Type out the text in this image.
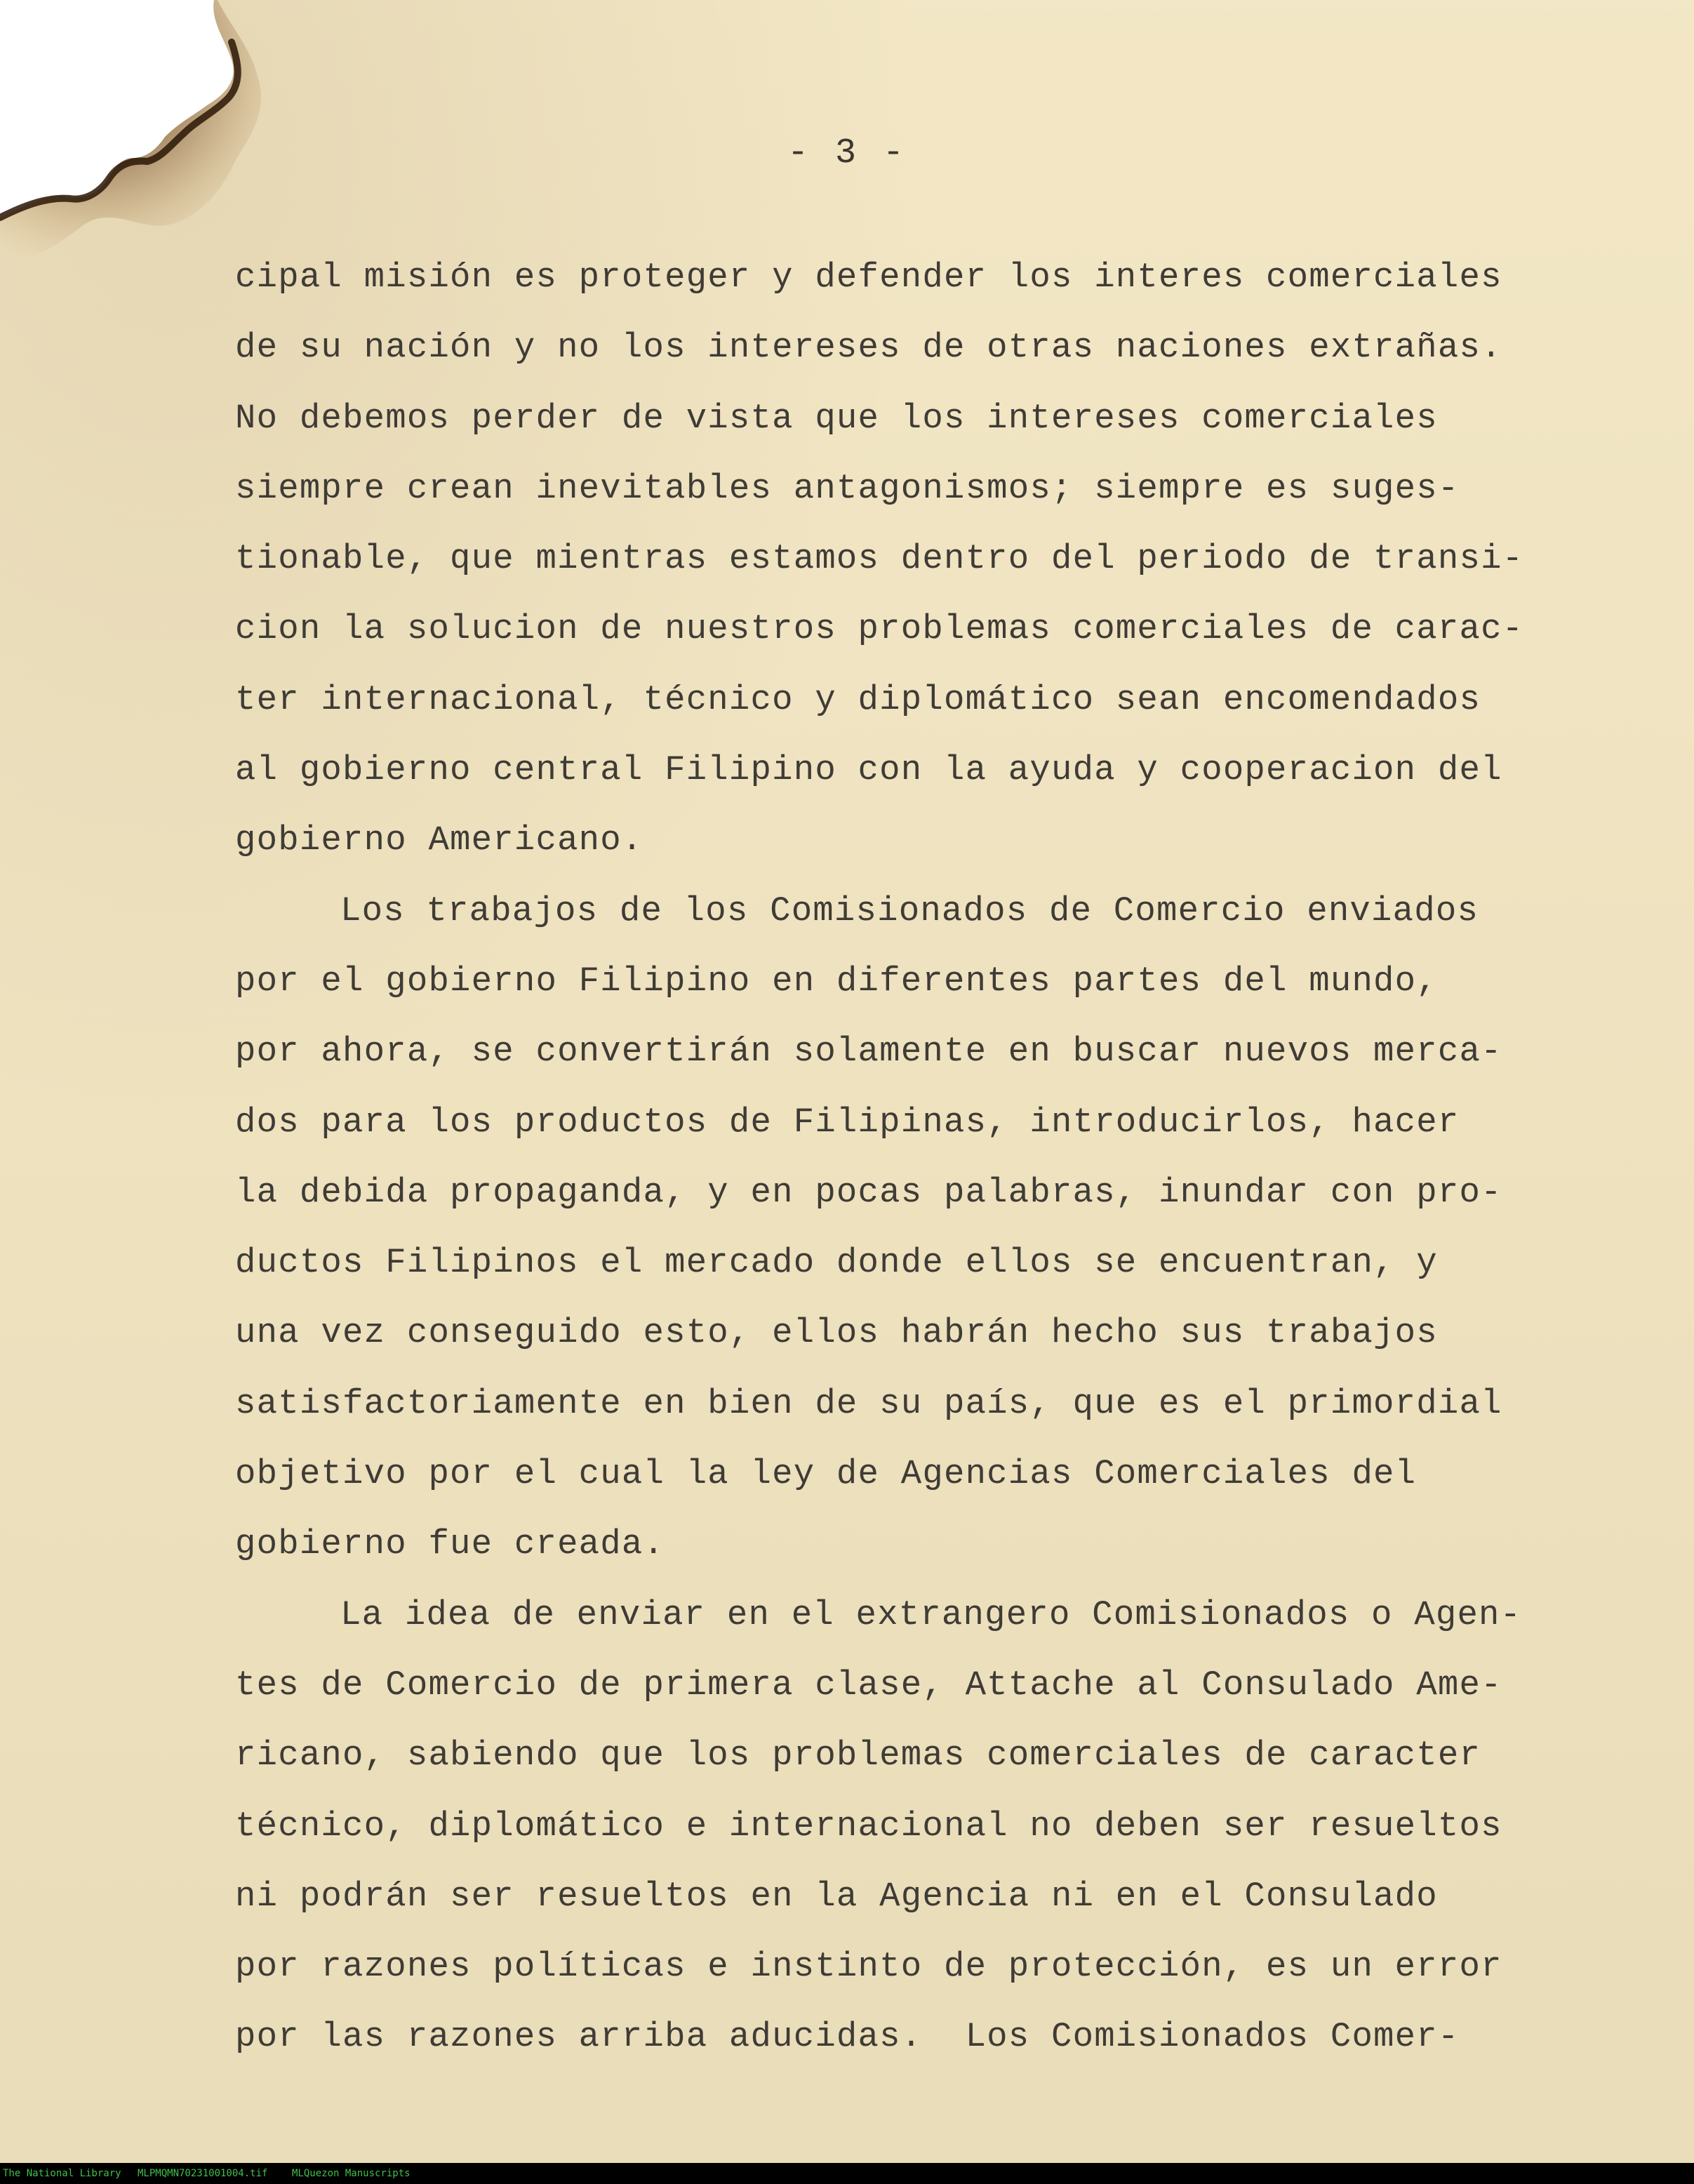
- 3 -
cipal misión es proteger y defender los interes comerciales
de su nación y no los intereses de otras naciones extrañas.
No debemos perder de vista que los intereses comerciales
siempre crean inevitables antagonismos; siempre es suges-
tionable, que mientras estamos dentro del periodo de transi-
cion la solucion de nuestros problemas comerciales de carac-
ter internacional, técnico y diplomático sean encomendados
al gobierno central Filipino con la ayuda y cooperacion del
gobierno Americano.
Los trabajos de los Comisionados de Comercio enviados
por el gobierno Filipino en diferentes partes del mundo,
por ahora, se convertirán solamente en buscar nuevos merca-
dos para los productos de Filipinas, introducirlos, hacer
la debida propaganda, y en pocas palabras, inundar con pro-
ductos Filipinos el mercado donde ellos se encuentran, y
una vez conseguido esto, ellos habrán hecho sus trabajos
satisfactoriamente en bien de su país, que es el primordial
objetivo por el cual la ley de Agencias Comerciales del
gobierno fue creada.
La idea de enviar en el extrangero Comisionados o Agen-
tes de Comercio de primera clase, Attache al Consulado Ame-
ricano, sabiendo que los problemas comerciales de caracter
técnico, diplomático e internacional no deben ser resueltos
ni podrán ser resueltos en la Agencia ni en el Consulado
por razones políticas e instinto de protección, es un error
por las razones arriba aducidas.  Los Comisionados Comer-
The National Library MLPMQMN70231001004.tif MLQuezon Manuscripts
